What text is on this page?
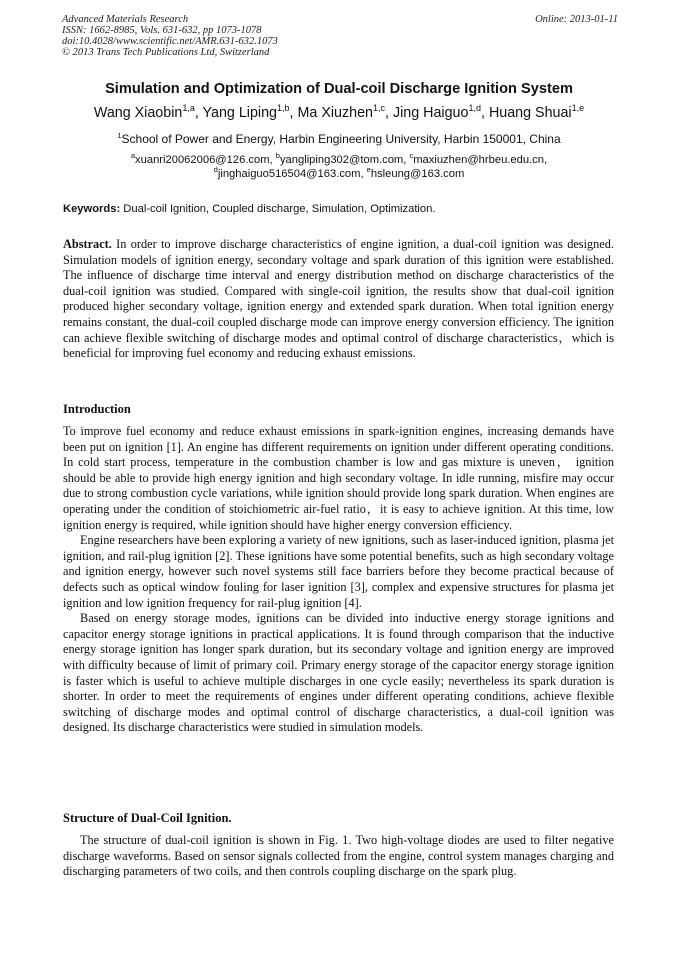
Advanced Materials Research
ISSN: 1662-8985, Vols. 631-632, pp 1073-1078
doi:10.4028/www.scientific.net/AMR.631-632.1073
© 2013 Trans Tech Publications Ltd, Switzerland
Online: 2013-01-11
Simulation and Optimization of Dual-coil Discharge Ignition System
Wang Xiaobin$^{1,a}$, Yang Liping$^{1,b}$, Ma Xiuzhen$^{1,c}$, Jing Haiguo$^{1,d}$, Huang Shuai$^{1,e}$
$^1$School of Power and Energy, Harbin Engineering University, Harbin 150001, China
$^a$xuanri20062006@126.com, $^b$yangliping302@tom.com, $^c$maxiuzhen@hrbeu.edu.cn,
$^d$jinghaiguo516504@163.com, $^e$hsleung@163.com
Keywords: Dual-coil Ignition, Coupled discharge, Simulation, Optimization.

Abstract. In order to improve discharge characteristics of engine ignition, a dual-coil ignition was designed. Simulation models of ignition energy, secondary voltage and spark duration of this ignition were established. The influence of discharge time interval and energy distribution method on discharge characteristics of the dual-coil ignition was studied. Compared with single-coil ignition, the results show that dual-coil ignition produced higher secondary voltage, ignition energy and extended spark duration. When total ignition energy remains constant, the dual-coil coupled discharge mode can improve energy conversion efficiency. The ignition can achieve flexible switching of discharge modes and optimal control of discharge characteristics，which is beneficial for improving fuel economy and reducing exhaust emissions.

Introduction

To improve fuel economy and reduce exhaust emissions in spark-ignition engines, increasing demands have been put on ignition [1]. An engine has different requirements on ignition under different operating conditions. In cold start process, temperature in the combustion chamber is low and gas mixture is uneven， ignition should be able to provide high energy ignition and high secondary voltage. In idle running, misfire may occur due to strong combustion cycle variations, while ignition should provide long spark duration. When engines are operating under the condition of stoichiometric air-fuel ratio，it is easy to achieve ignition. At this time, low ignition energy is required, while ignition should have higher energy conversion efficiency.

Engine researchers have been exploring a variety of new ignitions, such as laser-induced ignition, plasma jet ignition, and rail-plug ignition [2]. These ignitions have some potential benefits, such as high secondary voltage and ignition energy, however such novel systems still face barriers before they become practical because of defects such as optical window fouling for laser ignition [3], complex and expensive structures for plasma jet ignition and low ignition frequency for rail-plug ignition [4].

Based on energy storage modes, ignitions can be divided into inductive energy storage ignitions and capacitor energy storage ignitions in practical applications. It is found through comparison that the inductive energy storage ignition has longer spark duration, but its secondary voltage and ignition energy are improved with difficulty because of limit of primary coil. Primary energy storage of the capacitor energy storage ignition is faster which is useful to achieve multiple discharges in one cycle easily; nevertheless its spark duration is shorter. In order to meet the requirements of engines under different operating conditions, achieve flexible switching of discharge modes and optimal control of discharge characteristics, a dual-coil ignition was designed. Its discharge characteristics were studied in simulation models.

Structure of Dual-Coil Ignition.

The structure of dual-coil ignition is shown in Fig. 1. Two high-voltage diodes are used to filter negative discharge waveforms. Based on sensor signals collected from the engine, control system manages charging and discharging parameters of two coils, and then controls coupling discharge on the spark plug.
